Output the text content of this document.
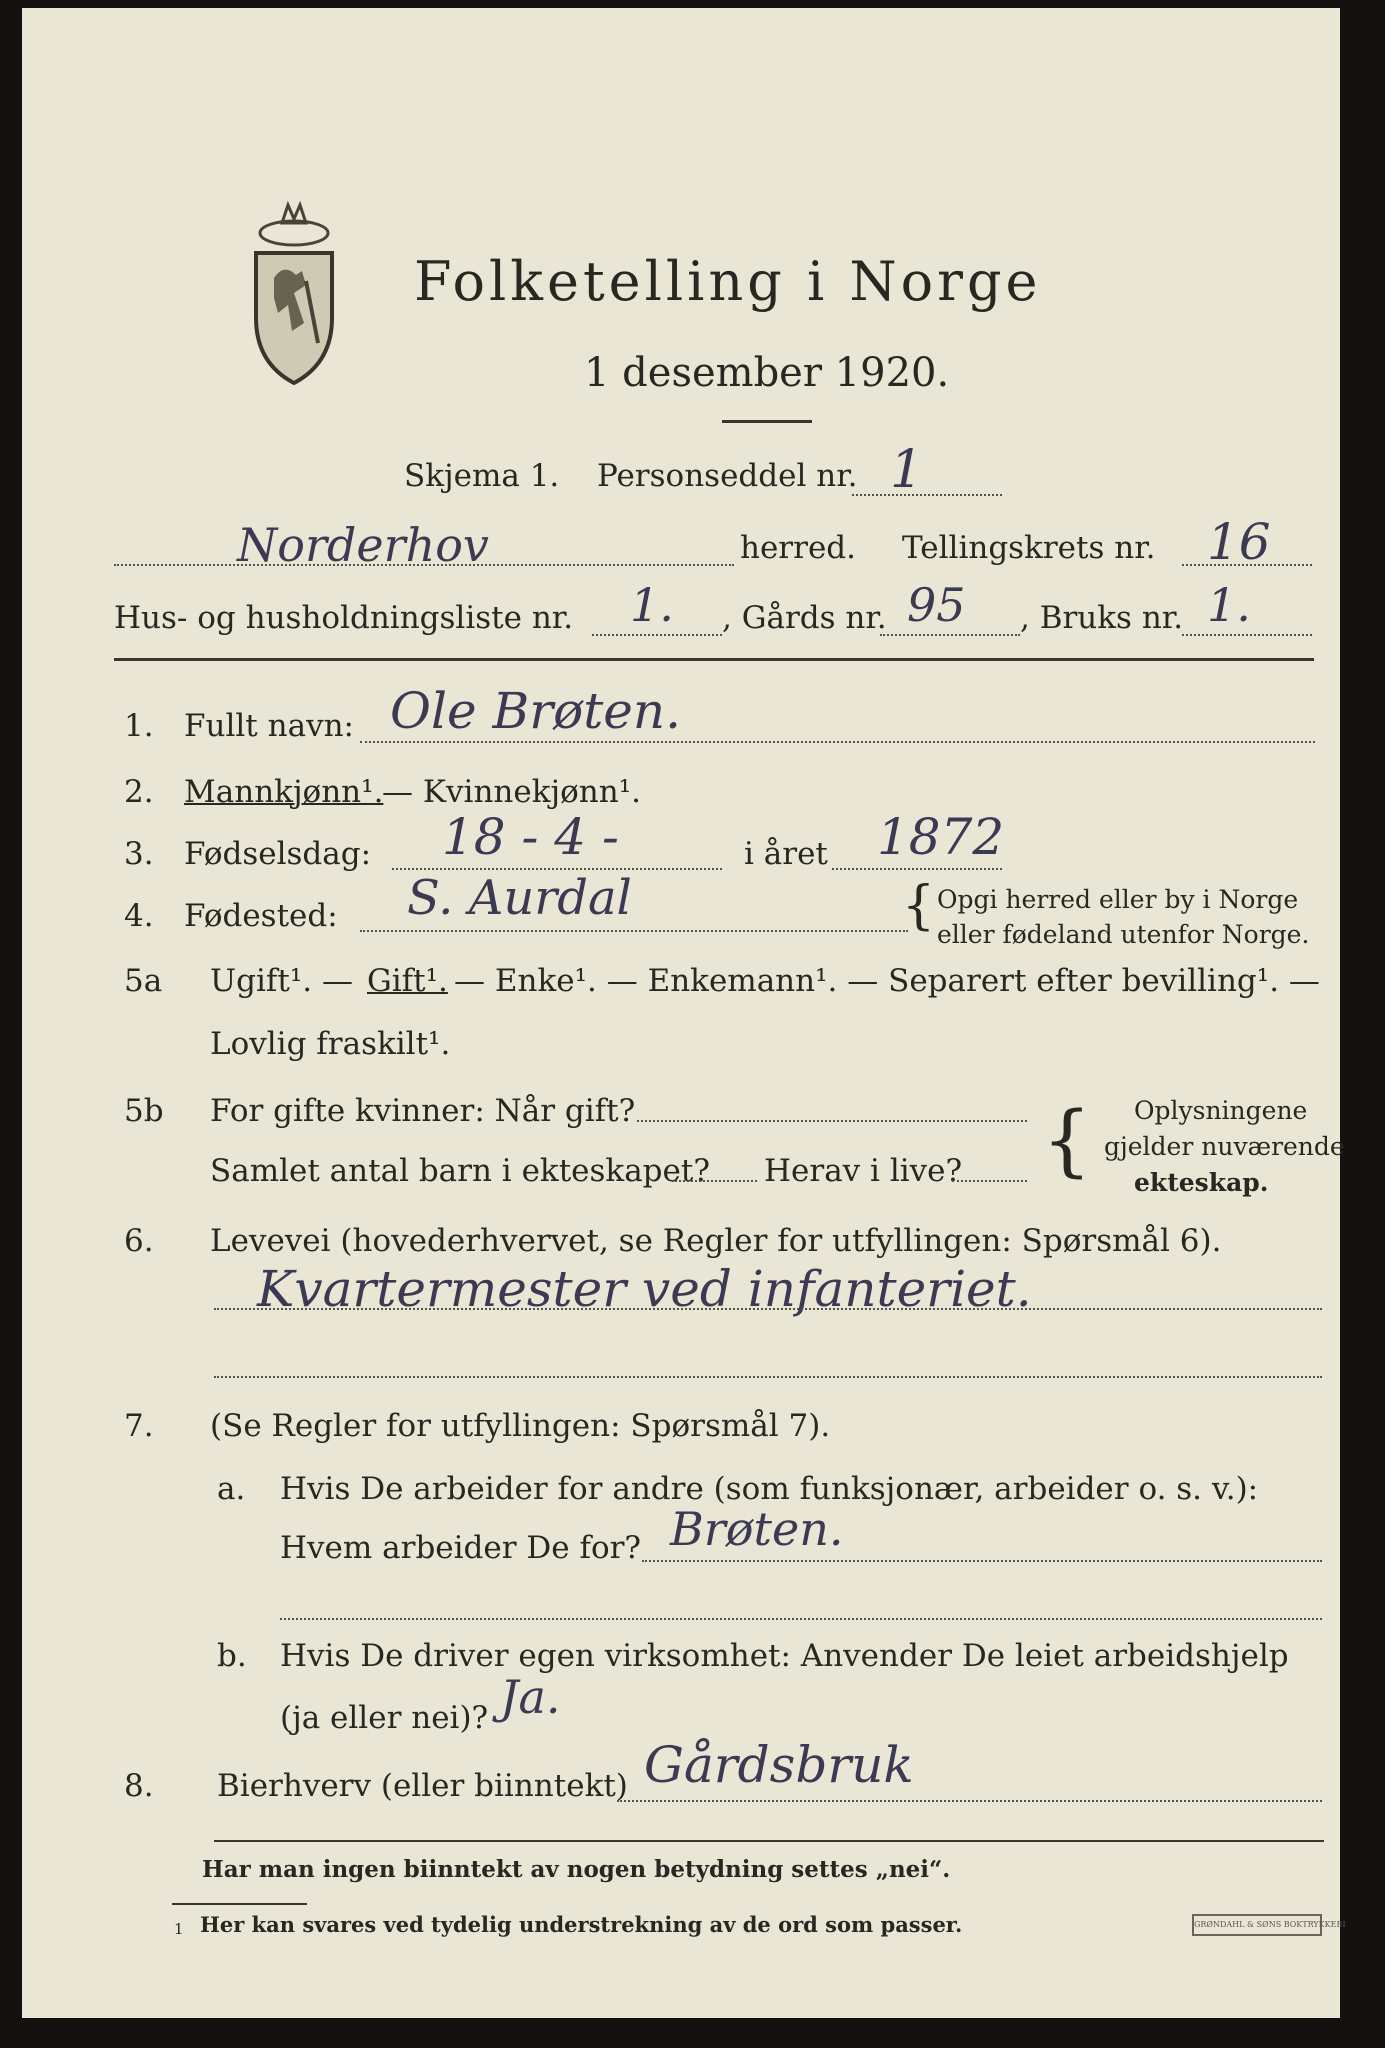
Folketelling i Norge
1 desember 1920.
Skjema 1. Personseddel nr. 1
Norderhov	herred. Tellingskrets nr. 16
Hus- og husholdningsliste nr. 1. , Gårds nr. 95 , Bruks nr. 1.
1. Fullt navn: Ole Brøten.
2. Mannkjønn¹.
— Kvinnekjønn¹.
3. Fødselsdag: 18 - 4 -	i året 1872
4. Fødested: S. Aurdal	{ Opgi herred eller by i Norge
eller fødeland utenfor Norge.
5a Ugift¹. — Gift¹. — Enke¹. — Enkemann¹. — Separert efter bevilling¹. —
Lovlig fraskilt¹.
5b For gifte kvinner: Når gift?
Samlet antal barn i ekteskapet? Herav i live? { Oplysningene
gjelder nuværende
ekteskap.
6. Levevei (hovederhvervet, se Regler for utfyllingen: Spørsmål 6).
Kvartermester ved infanteriet.
7. (Se Regler for utfyllingen: Spørsmål 7).
a. Hvis De arbeider for andre (som funksjonær, arbeider o. s. v.):
Hvem arbeider De for? Brøten.
b. Hvis De driver egen virksomhet: Anvender De leiet arbeidshjelp
(ja eller nei)? Ja.
8. Bierhverv (eller biinntekt) Gårdsbruk
Har man ingen biinntekt av nogen betydning settes „nei“.
1 Her kan svares ved tydelig understrekning av de ord som passer.	GRØNDAHL & SØNS BOKTRYKKERI
